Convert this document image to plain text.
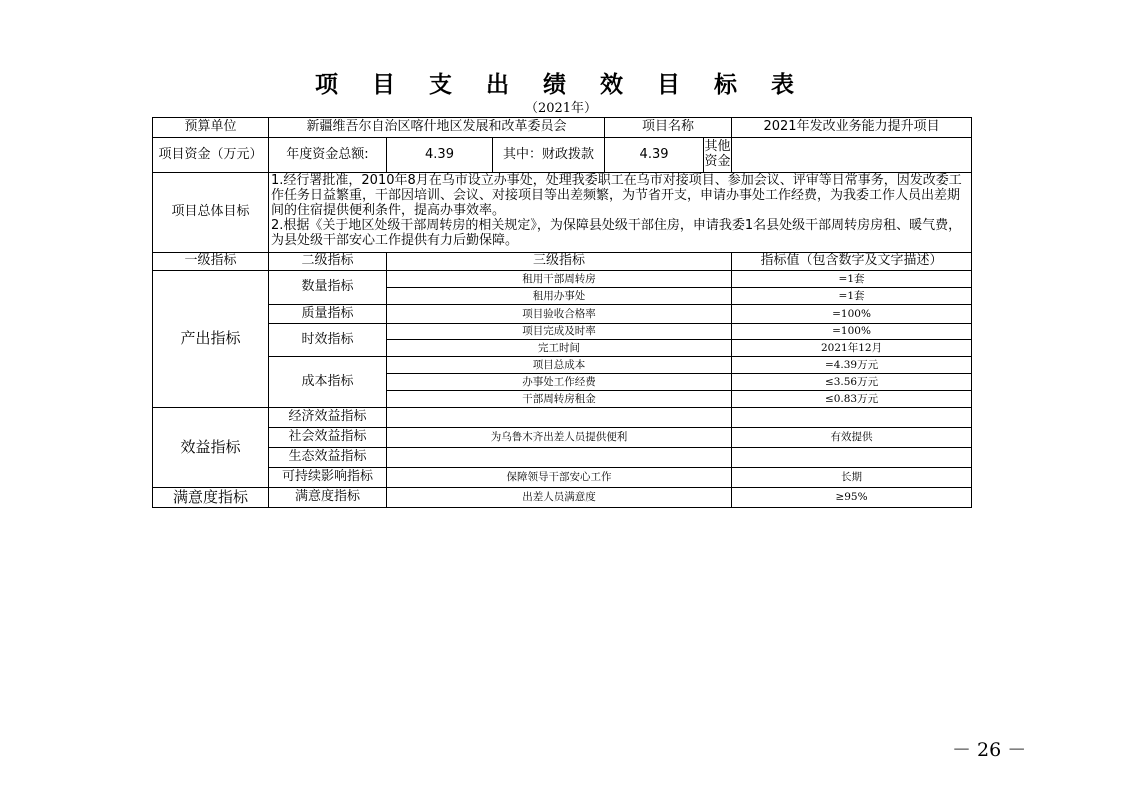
项 目 支 出 绩 效 目 标 表
（2021年）
预算单位	新疆维吾尔自治区喀什地区发展和改革委员会			项目名称	2021年发改业务能力提升项目
项目资金（万元）	年度资金总额:	4.39	其中：财政拨款	4.39 其他资金	

项目总体目标	1.经行署批准，2010年8月在乌市设立办事处，处理我委职工在乌市对接项目、参加会议、评审等日常事务，因发改委工作任务日益繁重，干部因培训、会议、对接项目等出差频繁，为节省开支，申请办事处工作经费，为我委工作人员出差期间的住宿提供便利条件，提高办事效率。
2.根据《关于地区处级干部周转房的相关规定》，为保障县处级干部住房，申请我委1名县处级干部周转房房租、暖气费，为县处级干部安心工作提供有力后勤保障。				

一级指标	二级指标	三级指标			指标值（包含数字及文字描述）
产出指标	数量指标	租用干部周转房			=1套
		租用办事处			=1套
	质量指标	项目验收合格率			=100%
	时效指标	项目完成及时率			=100%
		完工时间			2021年12月
	成本指标	项目总成本			=4.39万元
		办事处工作经费			≤3.56万元
		干部周转房租金			≤0.83万元
效益指标	经济效益指标				
	社会效益指标	为乌鲁木齐出差人员提供便利			有效提供
	生态效益指标				
	可持续影响指标	保障领导干部安心工作			长期
满意度指标	满意度指标	出差人员满意度			≥95%
－ 26 －
